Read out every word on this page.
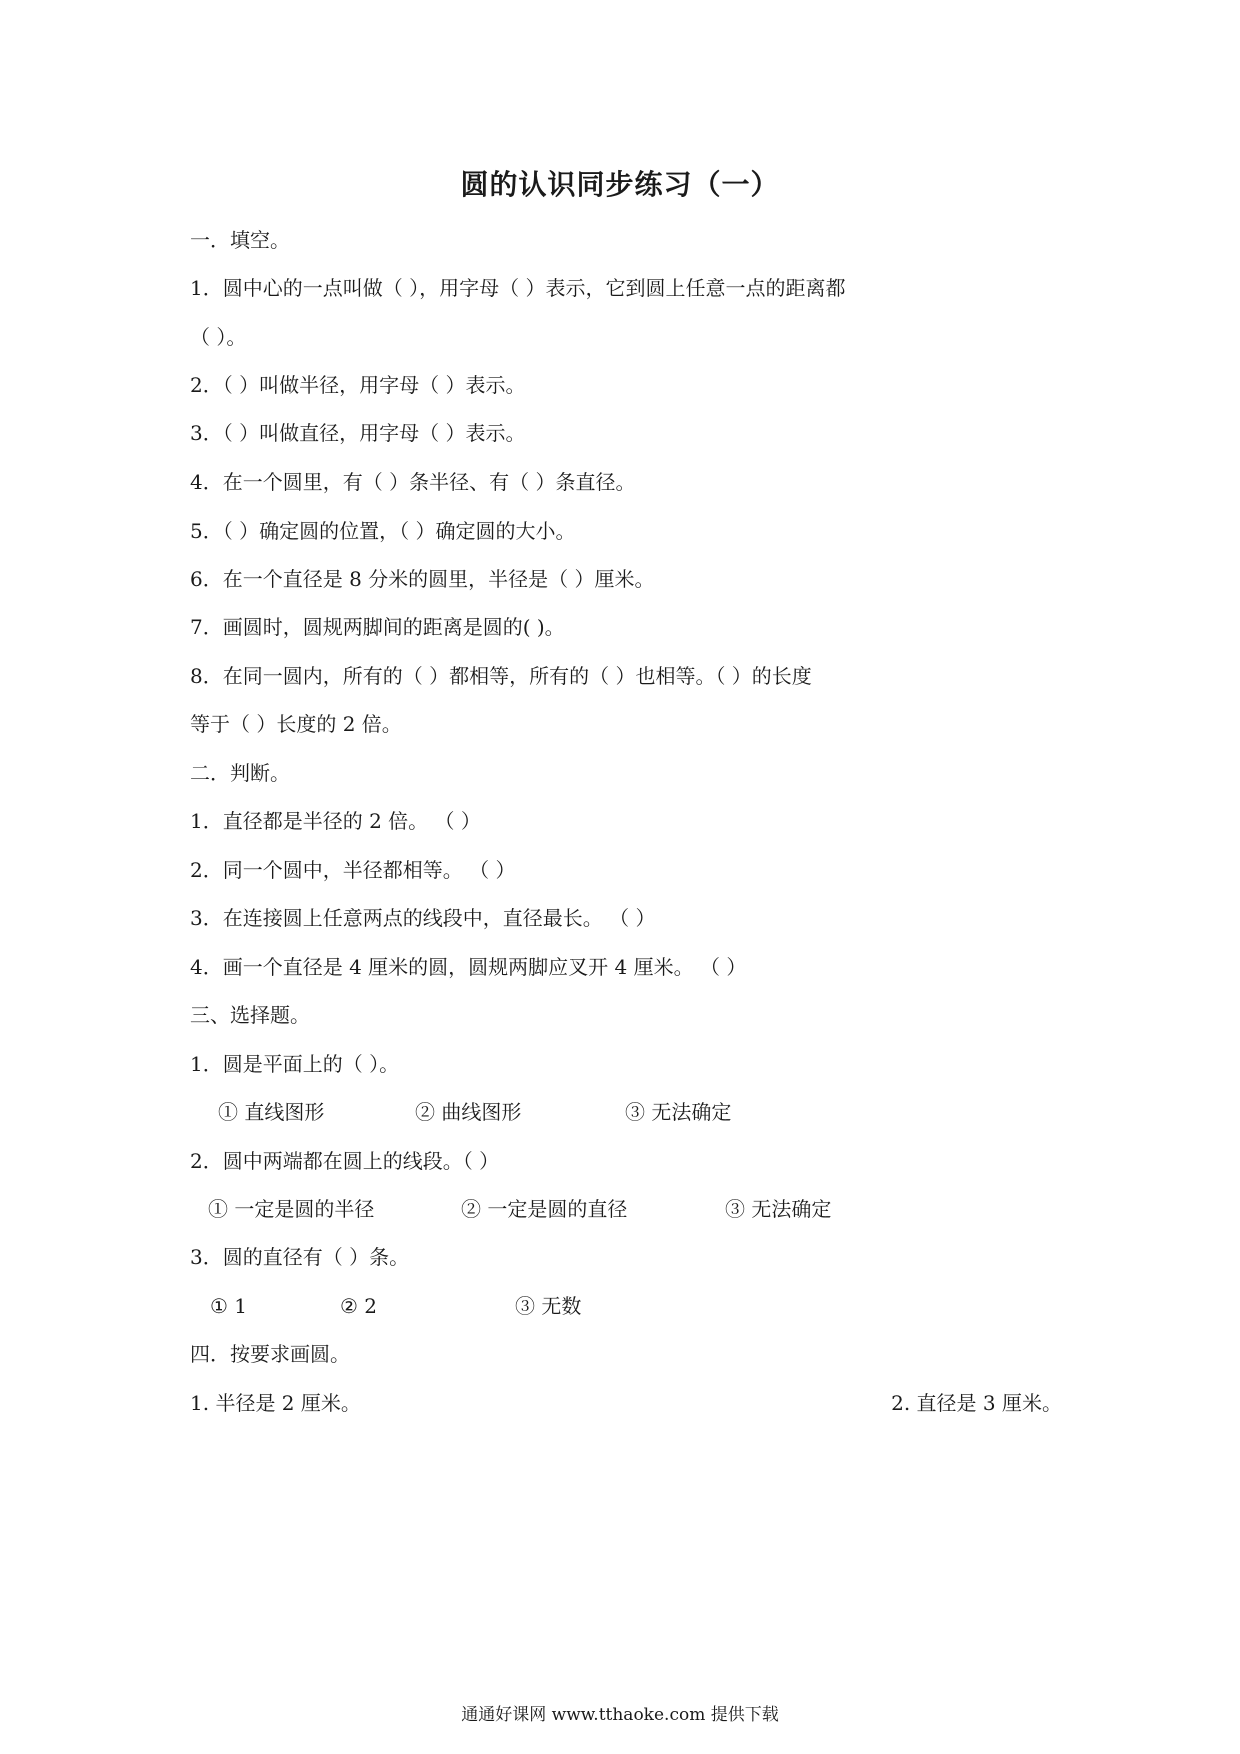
圆的认识同步练习（一）
一．填空。
1．圆中心的一点叫做（ ），用字母（ ）表示，它到圆上任意一点的距离都
（ ）。
2．（ ）叫做半径，用字母（ ）表示。
3．（ ）叫做直径，用字母（ ）表示。
4．在一个圆里，有（ ）条半径、有（ ）条直径。
5．（ ）确定圆的位置，（ ）确定圆的大小。
6．在一个直径是 8 分米的圆里，半径是（ ）厘米。
7．画圆时，圆规两脚间的距离是圆的( )。
8．在同一圆内，所有的（ ）都相等，所有的（ ）也相等。（ ）的长度
等于（ ）长度的 2 倍。
二．判断。
1．直径都是半径的 2 倍。 （ ）
2．同一个圆中，半径都相等。 （ ）
3．在连接圆上任意两点的线段中，直径最长。 （ ）
4．画一个直径是 4 厘米的圆，圆规两脚应叉开 4 厘米。 （ ）
三、选择题。
1．圆是平面上的（ ）。
① 直线图形	② 曲线图形	③ 无法确定
2．圆中两端都在圆上的线段。（ ）
① 一定是圆的半径	② 一定是圆的直径	③ 无法确定
3．圆的直径有（ ）条。
① 1	② 2	③ 无数
四．按要求画圆。
1. 半径是 2 厘米。	2. 直径是 3 厘米。
通通好课网 www.tthaoke.com 提供下载
